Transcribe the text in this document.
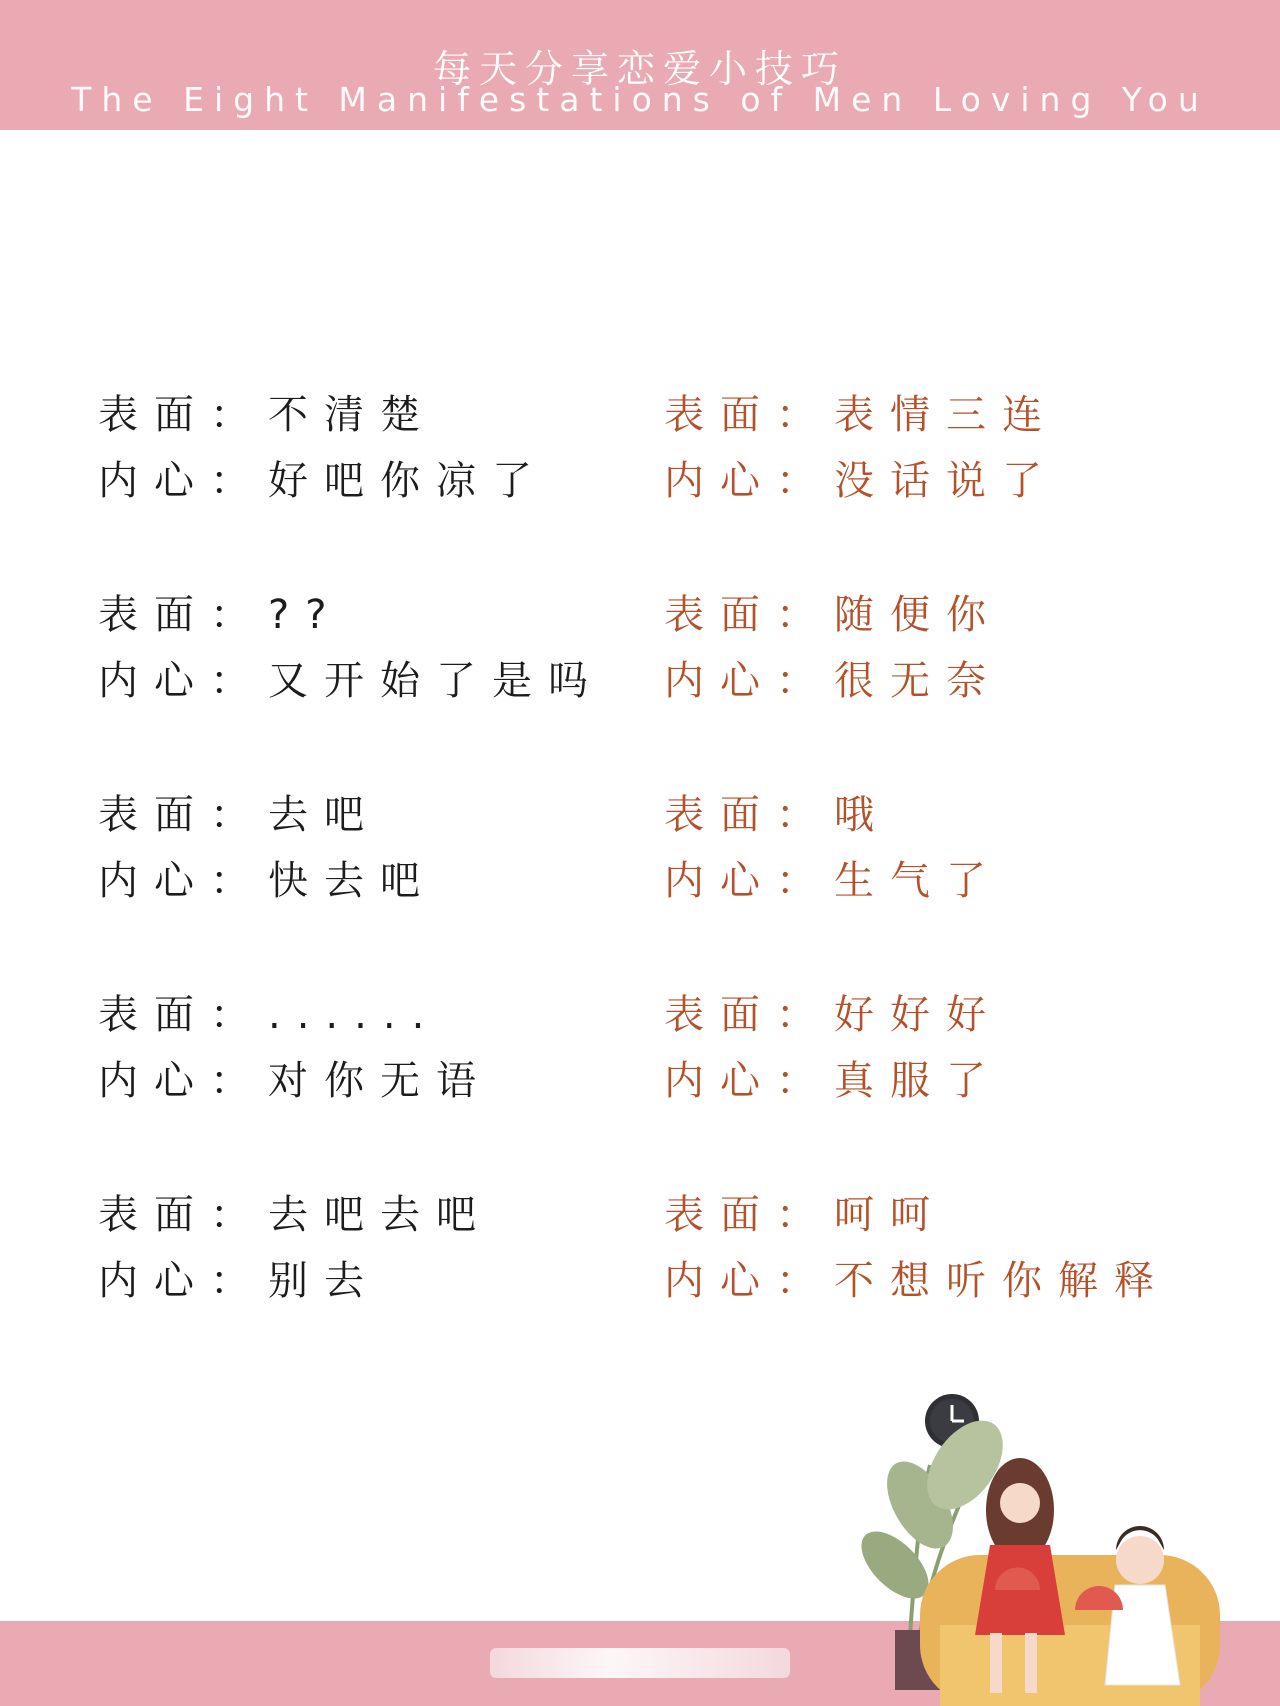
每天分享恋爱小技巧
The Eight Manifestations of Men Loving You
表面：不清楚
内心：好吧你凉了
表面：表情三连
内心：没话说了
表面：??
内心：又开始了是吗
表面：随便你
内心：很无奈
表面：去吧
内心：快去吧
表面：哦
内心：生气了
表面：......
内心：对你无语
表面：好好好
内心：真服了
表面：去吧去吧
内心：别去
表面：呵呵
内心：不想听你解释
